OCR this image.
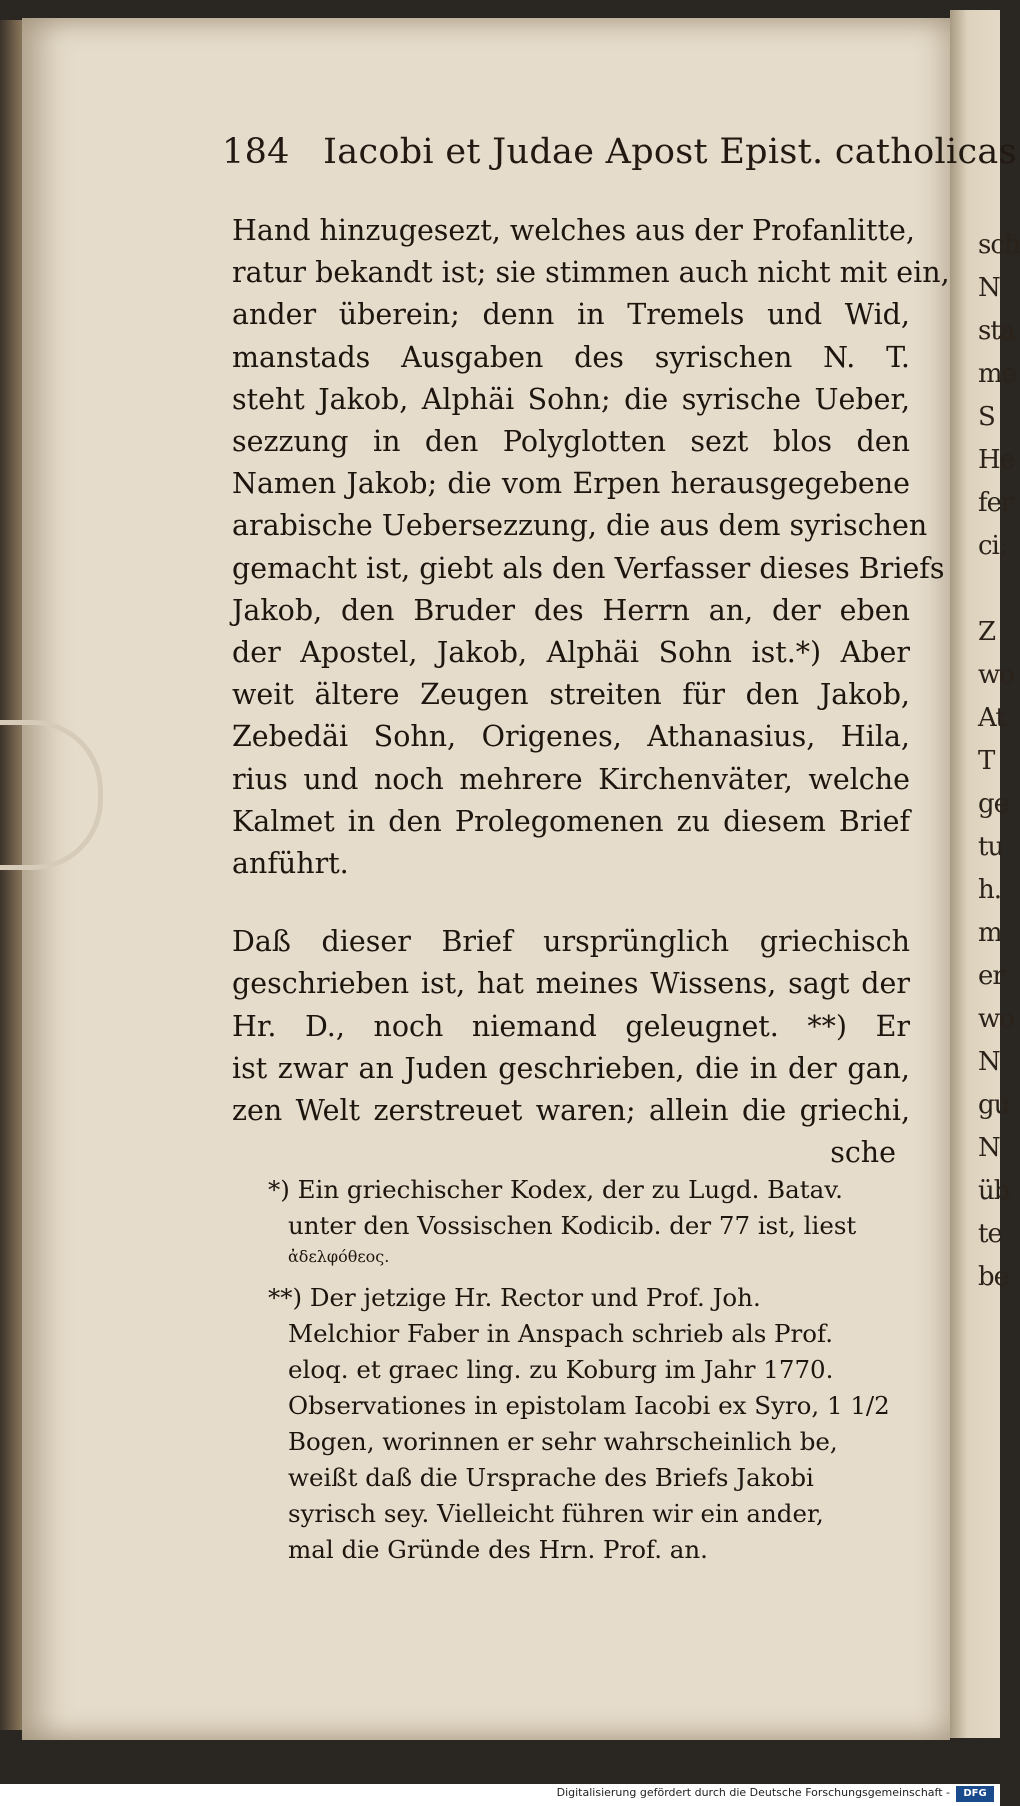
sch
N
sta
me
S
He
fer
ci;
Z
wo
At
T
ge
tu
h.
m
er
wo
N
gu
N
üb
te
be
184 Iacobi et Judae Apost Epist. catholicas
Hand hinzugesezt, welches aus der Profanlitte,
ratur bekandt ist; sie stimmen auch nicht mit ein,
ander überein; denn in Tremels und Wid,
manstads Ausgaben des syrischen N. T.
steht Jakob, Alphäi Sohn; die syrische Ueber,
sezzung in den Polyglotten sezt blos den
Namen Jakob; die vom Erpen herausgegebene
arabische Uebersezzung, die aus dem syrischen
gemacht ist, giebt als den Verfasser dieses Briefs
Jakob, den Bruder des Herrn an, der eben
der Apostel, Jakob, Alphäi Sohn ist.*) Aber
weit ältere Zeugen streiten für den Jakob,
Zebedäi Sohn, Origenes, Athanasius, Hila,
rius und noch mehrere Kirchenväter, welche
Kalmet in den Prolegomenen zu diesem Brief
anführt.
Daß dieser Brief ursprünglich griechisch
geschrieben ist, hat meines Wissens, sagt der
Hr. D., noch niemand geleugnet. **) Er
ist zwar an Juden geschrieben, die in der gan,
zen Welt zerstreuet waren; allein die griechi,
sche
*) Ein griechischer Kodex, der zu Lugd. Batav.
unter den Vossischen Kodicib. der 77 ist, liest
ἀδελφόθεος.
**) Der jetzige Hr. Rector und Prof. Joh.
Melchior Faber in Anspach schrieb als Prof.
eloq. et graec ling. zu Koburg im Jahr 1770.
Observationes in epistolam Iacobi ex Syro, 1 1/2
Bogen, worinnen er sehr wahrscheinlich be,
weißt daß die Ursprache des Briefs Jakobi
syrisch sey. Vielleicht führen wir ein ander,
mal die Gründe des Hrn. Prof. an.
Digitalisierung gefördert durch die Deutsche Forschungsgemeinschaft -	DFG
